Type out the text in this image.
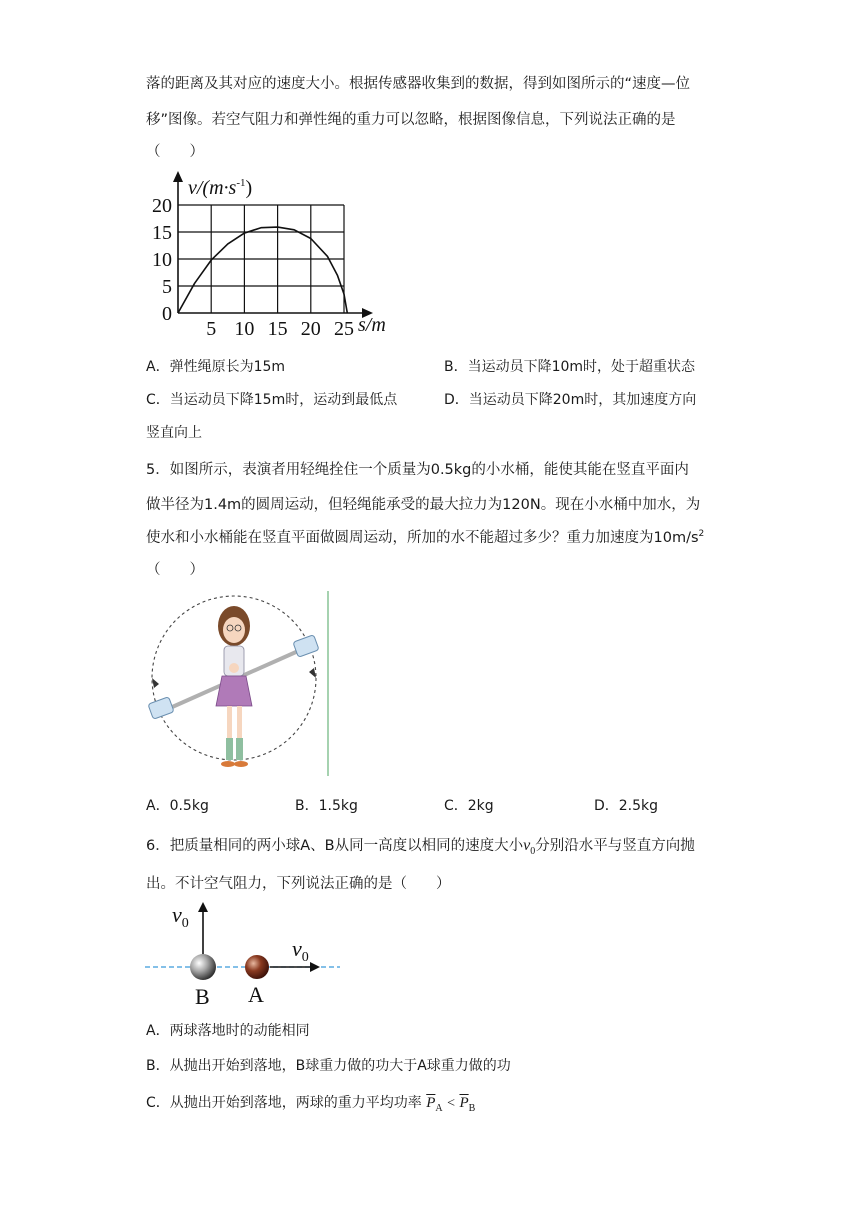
落的距离及其对应的速度大小。根据传感器收集到的数据，得到如图所示的“速度—位
移”图像。若空气阻力和弹性绳的重力可以忽略，根据图像信息，下列说法正确的是
（　　）
0
5
10
15
20
5 10 15 20 25
$v/(m\cdot s^{-1})$
s/m
A．弹性绳原长为15m	B．当运动员下降10m时，处于超重状态
C．当运动员下降15m时，运动到最低点	D．当运动员下降20m时，其加速度方向
竖直向上
5．如图所示，表演者用轻绳拴住一个质量为0.5kg的小水桶，能使其能在竖直平面内
做半径为1.4m的圆周运动，但轻绳能承受的最大拉力为120N。现在小水桶中加水，为
使水和小水桶能在竖直平面做圆周运动，所加的水不能超过多少？重力加速度为$10m/s^2$
（　　）
A．0.5kg	B．1.5kg	C．2kg	D．2.5kg
6．把质量相同的两小球A、B从同一高度以相同的速度大小$v_0$分别沿水平与竖直方向抛
出。不计空气阻力，下列说法正确的是（　　）
$v_0$
$v_0$
B A
A．两球落地时的动能相同
B．从抛出开始到落地，B球重力做的功大于A球重力做的功
C．从抛出开始到落地，两球的重力平均功率 $\overline{P}_A < \overline{P}_B$
